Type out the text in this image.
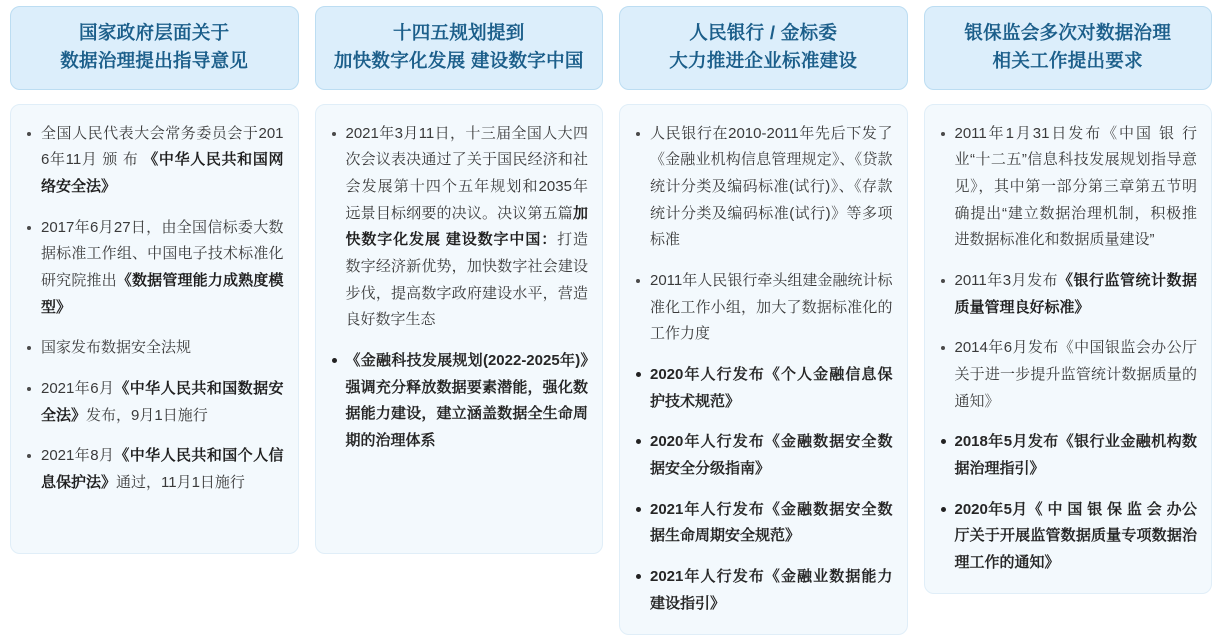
国家政府层面关于
数据治理提出指导意见
全国人民代表大会常务委员会于2016年11月 颁 布 《中华人民共和国网络安全法》
2017年6月27日，由全国信标委大数据标准工作组、中国电子技术标准化研究院推出《数据管理能力成熟度模型》
国家发布数据安全法规
2021年6月《中华人民共和国数据安全法》发布，9月1日施行
2021年8月《中华人民共和国个人信息保护法》通过，11月1日施行
十四五规划提到
加快数字化发展 建设数字中国
2021年3月11日，十三届全国人大四次会议表决通过了关于国民经济和社会发展第十四个五年规划和2035年远景目标纲要的决议。决议第五篇加快数字化发展 建设数字中国：打造数字经济新优势，加快数字社会建设步伐，提高数字政府建设水平，营造良好数字生态
《金融科技发展规划(2022-2025年)》强调充分释放数据要素潜能，强化数据能力建设，建立涵盖数据全生命周期的治理体系
人民银行 / 金标委
大力推进企业标准建设
人民银行在2010-2011年先后下发了《金融业机构信息管理规定》、《贷款统计分类及编码标准(试行)》、《存款统计分类及编码标准(试行)》等多项标准
2011年人民银行牵头组建金融统计标准化工作小组，加大了数据标准化的工作力度
2020年人行发布《个人金融信息保护技术规范》
2020年人行发布《金融数据安全数据安全分级指南》
2021年人行发布《金融数据安全数据生命周期安全规范》
2021年人行发布《金融业数据能力建设指引》
银保监会多次对数据治理
相关工作提出要求
2011年1月31日发布《中国 银 行业“十二五”信息科技发展规划指导意见》，其中第一部分第三章第五节明确提出“建立数据治理机制，积极推进数据标准化和数据质量建设”
2011年3月发布《银行监管统计数据质量管理良好标准》
2014年6月发布《中国银监会办公厅关于进一步提升监管统计数据质量的通知》
2018年5月发布《银行业金融机构数据治理指引》
2020年5月《 中 国 银 保 监 会 办公厅关于开展监管数据质量专项数据治理工作的通知》
